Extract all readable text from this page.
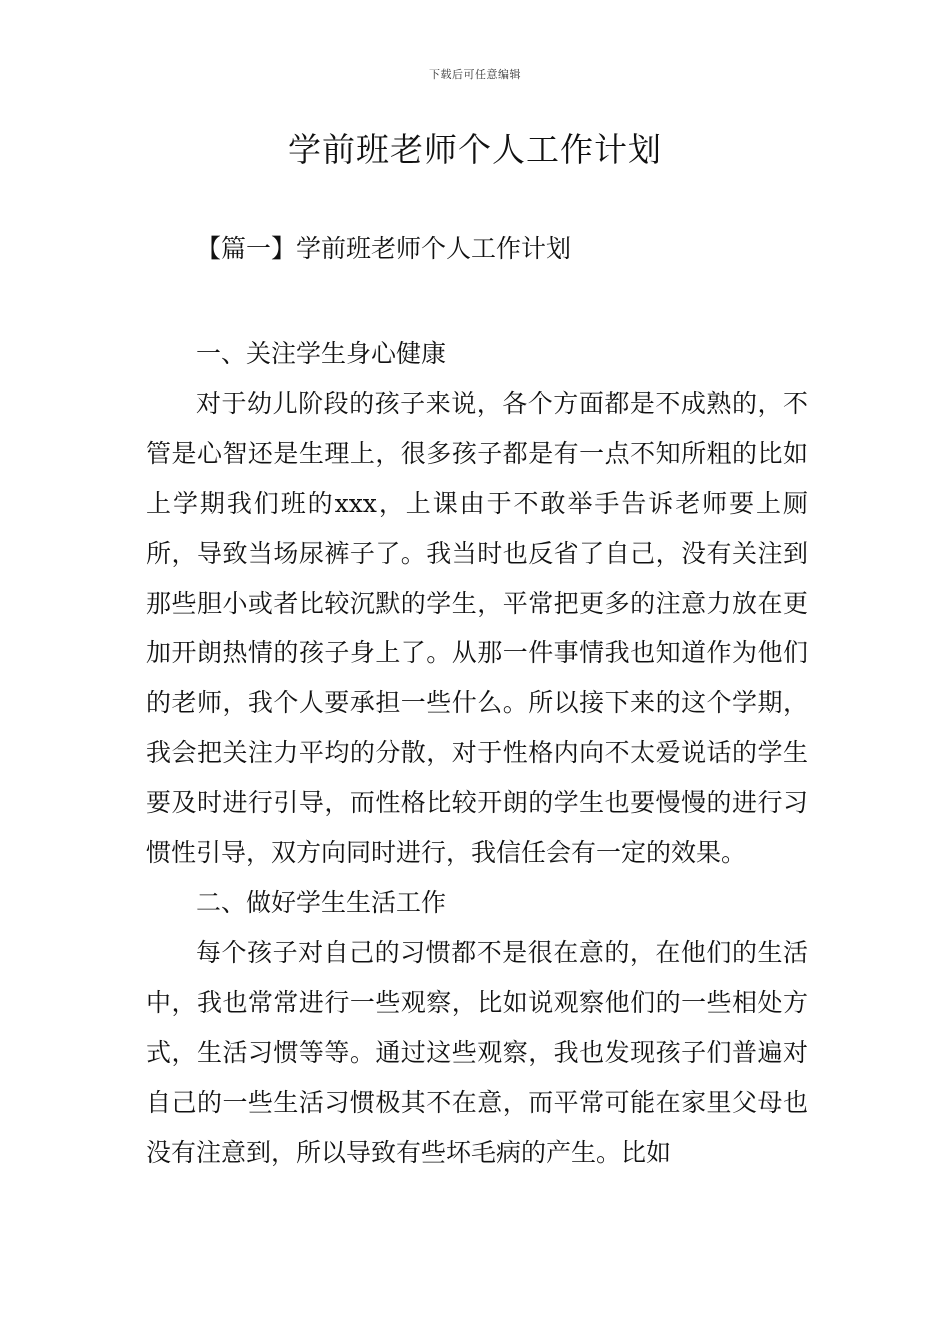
下载后可任意编辑
学前班老师个人工作计划
【篇一】学前班老师个人工作计划

一、关注学生身心健康

对于幼儿阶段的孩子来说，各个方面都是不成熟的，不管是心智还是生理上，很多孩子都是有一点不知所粗的比如上学期我们班的xxx，上课由于不敢举手告诉老师要上厕所，导致当场尿裤子了。我当时也反省了自己，没有关注到那些胆小或者比较沉默的学生，平常把更多的注意力放在更加开朗热情的孩子身上了。从那一件事情我也知道作为他们的老师，我个人要承担一些什么。所以接下来的这个学期，我会把关注力平均的分散，对于性格内向不太爱说话的学生要及时进行引导，而性格比较开朗的学生也要慢慢的进行习惯性引导，双方向同时进行，我信任会有一定的效果。

二、做好学生生活工作

每个孩子对自己的习惯都不是很在意的，在他们的生活中，我也常常进行一些观察，比如说观察他们的一些相处方式，生活习惯等等。通过这些观察，我也发现孩子们普遍对自己的一些生活习惯极其不在意，而平常可能在家里父母也没有注意到，所以导致有些坏毛病的产生。比如
